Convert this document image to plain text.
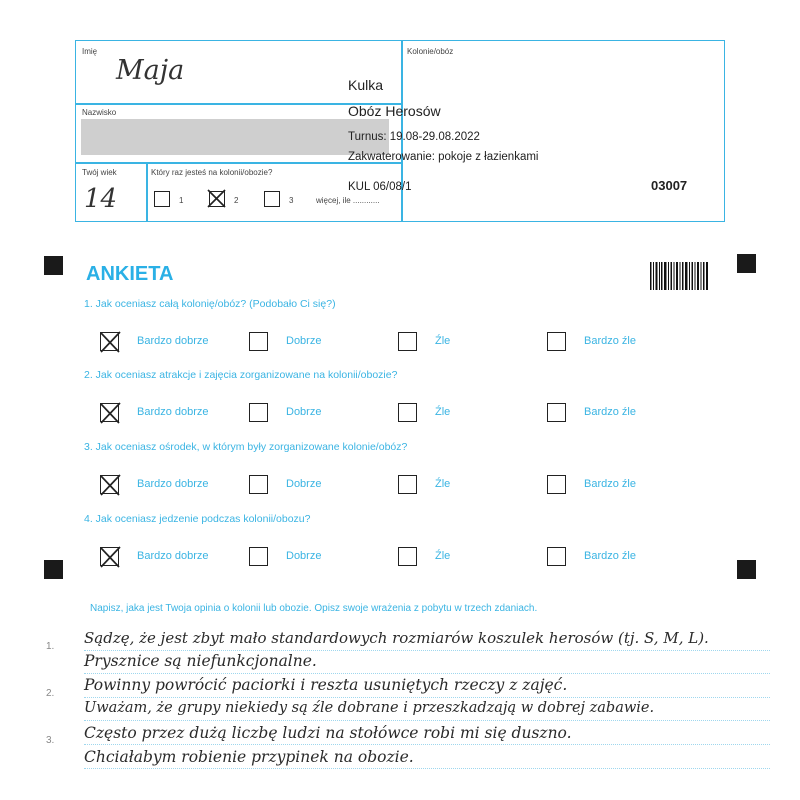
Imię
Maja
Nazwisko
Twój wiek
14
Który raz jesteś na kolonii/obozie?
1	2	3	więcej, ile ............
Kolonie/obóz
Kulka
Obóz Herosów
Turnus: 19.08-29.08.2022
Zakwaterowanie: pokoje z łazienkami
KUL 06/08/1	03007
ANKIETA
1. Jak oceniasz całą kolonię/obóz? (Podobało Ci się?)
Bardzo dobrze	Dobrze	Źle	Bardzo źle
2. Jak oceniasz atrakcje i zajęcia zorganizowane na kolonii/obozie?
Bardzo dobrze	Dobrze	Źle	Bardzo źle
3. Jak oceniasz ośrodek, w którym były zorganizowane kolonie/obóz?
Bardzo dobrze	Dobrze	Źle	Bardzo źle
4. Jak oceniasz jedzenie podczas kolonii/obozu?
Bardzo dobrze	Dobrze	Źle	Bardzo źle
Napisz, jaka jest Twoja opinia o kolonii lub obozie. Opisz swoje wrażenia z pobytu w trzech zdaniach.
1.
2.
3.
Sądzę, że jest zbyt mało standardowych rozmiarów koszulek herosów (tj. S, M, L).
Prysznice są niefunkcjonalne.
Powinny powrócić paciorki i reszta usuniętych rzeczy z zajęć.
Uważam, że grupy niekiedy są źle dobrane i przeszkadzają w dobrej zabawie.
Często przez dużą liczbę ludzi na stołówce robi mi się duszno.
Chciałabym robienie przypinek na obozie.
